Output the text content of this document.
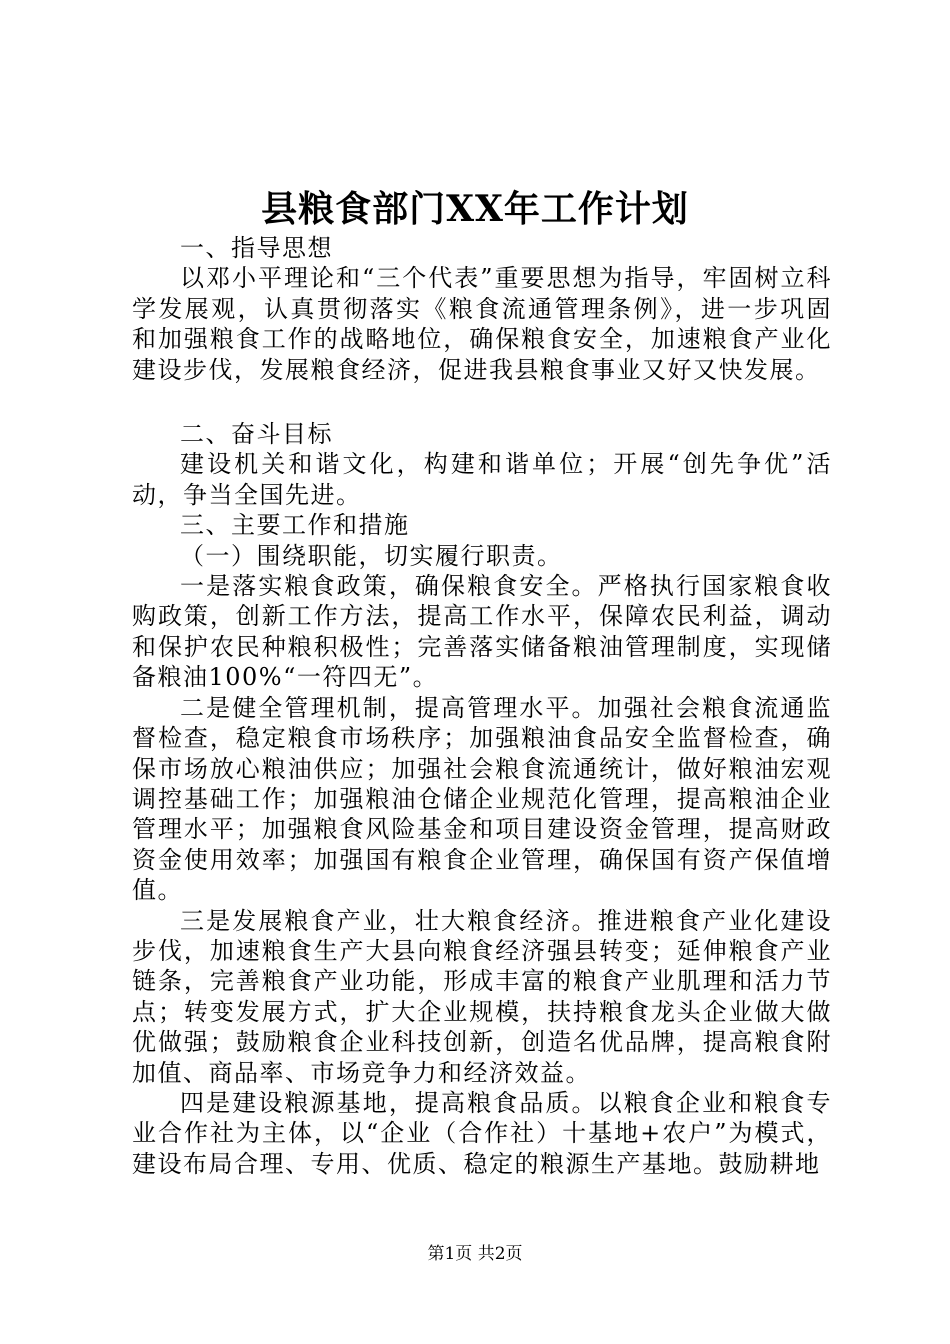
县粮食部门XX年工作计划

一、指导思想

以邓小平理论和“三个代表”重要思想为指导，牢固树立科学发展观，认真贯彻落实《粮食流通管理条例》，进一步巩固和加强粮食工作的战略地位，确保粮食安全，加速粮食产业化建设步伐，发展粮食经济，促进我县粮食事业又好又快发展。

二、奋斗目标

建设机关和谐文化，构建和谐单位；开展“创先争优”活动，争当全国先进。

三、主要工作和措施

（一）围绕职能，切实履行职责。

一是落实粮食政策，确保粮食安全。严格执行国家粮食收购政策，创新工作方法，提高工作水平，保障农民利益，调动和保护农民种粮积极性；完善落实储备粮油管理制度，实现储备粮油100%“一符四无”。

二是健全管理机制，提高管理水平。加强社会粮食流通监督检查，稳定粮食市场秩序；加强粮油食品安全监督检查，确保市场放心粮油供应；加强社会粮食流通统计，做好粮油宏观调控基础工作；加强粮油仓储企业规范化管理，提高粮油企业管理水平；加强粮食风险基金和项目建设资金管理，提高财政资金使用效率；加强国有粮食企业管理，确保国有资产保值增值。

三是发展粮食产业，壮大粮食经济。推进粮食产业化建设步伐，加速粮食生产大县向粮食经济强县转变；延伸粮食产业链条，完善粮食产业功能，形成丰富的粮食产业肌理和活力节点；转变发展方式，扩大企业规模，扶持粮食龙头企业做大做优做强；鼓励粮食企业科技创新，创造名优品牌，提高粮食附加值、商品率、市场竞争力和经济效益。

四是建设粮源基地，提高粮食品质。以粮食企业和粮食专业合作社为主体，以“企业（合作社）十基地+农户”为模式，建设布局合理、专用、优质、稳定的粮源生产基地。鼓励耕地

第1页 共2页
